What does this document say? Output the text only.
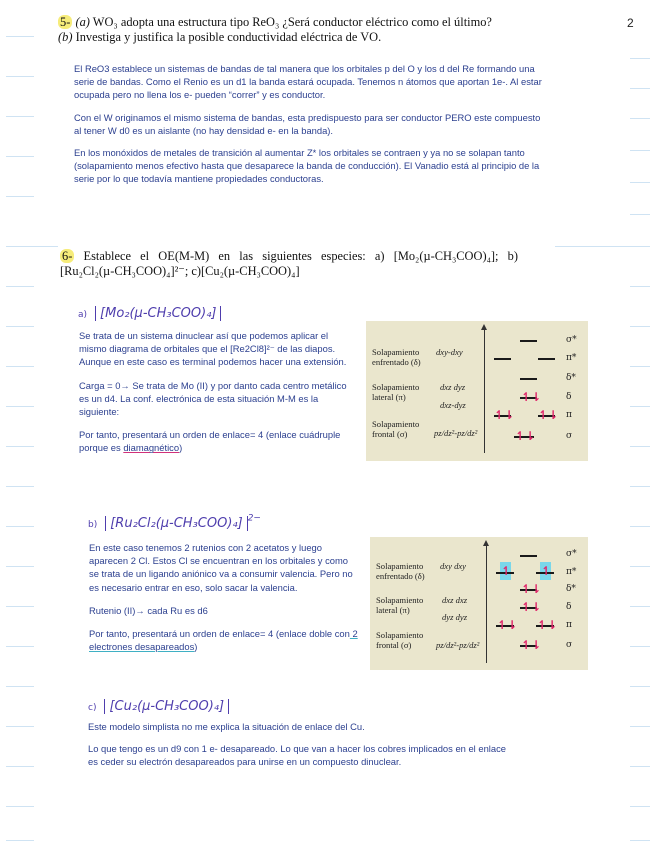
2
5- (a) WO₃ adopta una estructura tipo ReO₃ ¿Será conductor eléctrico como el último?
(b) Investiga y justifica la posible conductividad eléctrica de VO.

El ReO3 establece un sistemas de bandas de tal manera que los orbitales p del O y los d del Re formando una serie de bandas. Como el Renio es un d1 la banda estará ocupada. Tenemos n átomos que aportan 1e-. Al estar ocupada pero no llena los e- pueden “correr” y es conductor.

Con el W originamos el mismo sistema de bandas, esta predispuesto para ser conductor PERO este compuesto al tener W d0 es un aislante (no hay densidad e- en la banda).

En los monóxidos de metales de transición al aumentar Z* los orbitales se contraen y ya no se solapan tanto (solapamiento menos efectivo hasta que desaparece la banda de conducción). El Vanadio está al principio de la serie por lo que todavía mantiene propiedades conductoras.

6- Establece el OE(M-M) en las siguientes especies: a) [Mo₂(µ-CH₃COO)₄]; b)
[Ru₂Cl₂(µ-CH₃COO)₄]²⁻; c)[Cu₂(µ-CH₃COO)₄]
a) [Mo₂(µ-CH₃COO)₄]

Se trata de un sistema dinuclear así que podemos aplicar el mismo diagrama de orbitales que el [Re2Cl8]²⁻ de las diapos. Aunque en este caso es terminal podemos hacer una extensión.

Carga = 0→ Se trata de Mo (II) y por danto cada centro metálico es un d4. La conf. electrónica de esta situación M-M es la siguiente:

Por tanto, presentará un orden de enlace= 4 (enlace cuádruple porque es diamagnético)

Solapamiento
enfrentado (δ)
Solapamiento
lateral (π)
Solapamiento
frontal (σ)
dxy-dxy
dxz dyz
dxz-dyz
pz/dz²-pz/dz²
↿⇂
↿⇂ ↿⇂
↿⇂
σ*
π*
δ*
δ
π
σ
b) [Ru₂Cl₂(µ-CH₃COO)₄] $^{2-}$

En este caso tenemos 2 rutenios con 2 acetatos y luego aparecen 2 Cl. Estos Cl se encuentran en los orbitales y como se trata de un ligando aniónico va a consumir valencia. Pero no es necesario entrar en eso, solo sacar la valencia.

Rutenio (II)→ cada Ru es d6

Por tanto, presentará un orden de enlace= 4 (enlace doble con 2 electrones desapareados)

Solapamiento
enfrentado (δ)
Solapamiento
lateral (π)
Solapamiento
frontal (σ)
dxy dxy
dxz dxz
dyz dyz
pz/dz²-pz/dz²
↿ ↿
↿⇂
↿⇂
↿⇂ ↿⇂
↿⇂
σ*
π*
δ*
δ
π
σ
c) [Cu₂(µ-CH₃COO)₄]

Este modelo simplista no me explica la situación de enlace del Cu.

Lo que tengo es un d9 con 1 e- desapareado. Lo que van a hacer los cobres implicados en el enlace es ceder su electrón desapareados para unirse en un compuesto dinuclear.
